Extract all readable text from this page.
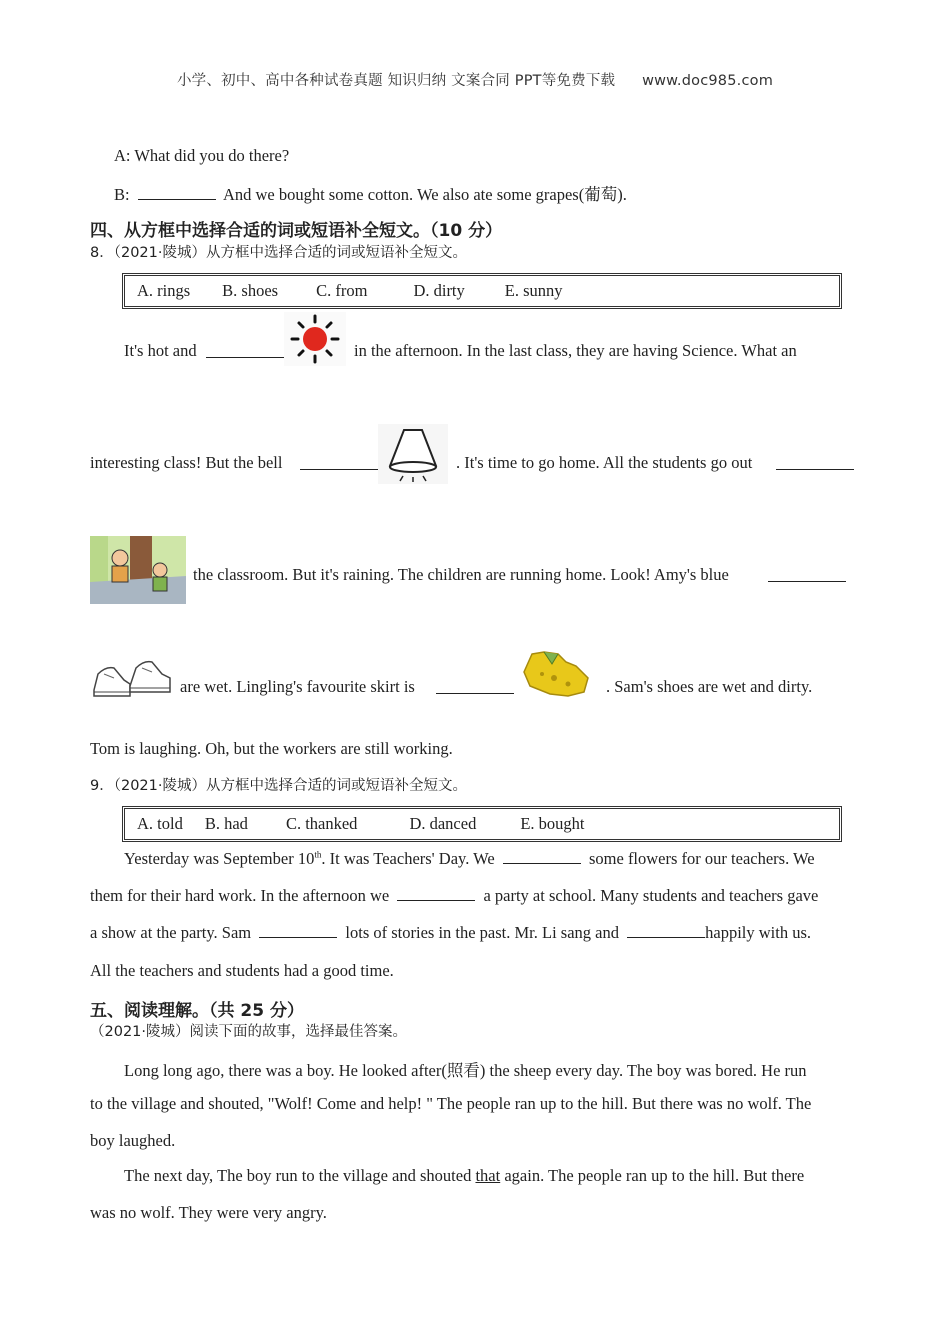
小学、初中、高中各种试卷真题 知识归纳 文案合同 PPT等免费下载 www.doc985.com
A: What did you do there?
B:	And we bought some cotton. We also ate some grapes(葡萄).
四、从方框中选择合适的词或短语补全短文。（10 分）
8．（2021·陵城）从方框中选择合适的词或短语补全短文。
A. rings B. shoes C. from	D. dirty E. sunny
It's hot and	in the afternoon. In the last class, they are having Science. What an
interesting class! But the bell	. It's time to go home. All the students go out
the classroom. But it's raining. The children are running home. Look! Amy's blue
are wet. Lingling's favourite skirt is	. Sam's shoes are wet and dirty.
Tom is laughing. Oh, but the workers are still working.
9．（2021·陵城）从方框中选择合适的词或短语补全短文。
A. told B. had C. thanked	D. danced	E. bought
Yesterday was September 10th. It was Teachers' Day. We	some flowers for our teachers. We
them for their hard work. In the afternoon we	a party at school. Many students and teachers gave
a show at the party. Sam	lots of stories in the past. Mr. Li sang and	happily with us.
All the teachers and students had a good time.
五、阅读理解。（共 25 分）
（2021·陵城）阅读下面的故事，选择最佳答案。
Long long ago, there was a boy. He looked after(照看) the sheep every day. The boy was bored. He run
to the village and shouted, "Wolf! Come and help! " The people ran up to the hill. But there was no wolf. The
boy laughed.
The next day, The boy run to the village and shouted that again. The people ran up to the hill. But there
was no wolf. They were very angry.
